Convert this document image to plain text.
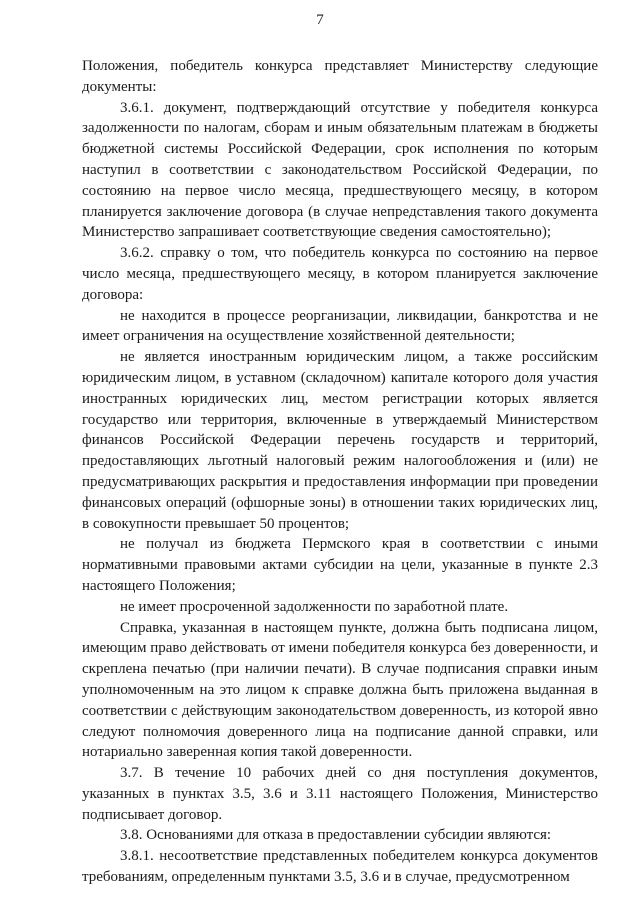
7

Положения, победитель конкурса представляет Министерству следующие документы:

3.6.1. документ, подтверждающий отсутствие у победителя конкурса задолженности по налогам, сборам и иным обязательным платежам в бюджеты бюджетной системы Российской Федерации, срок исполнения по которым наступил в соответствии с законодательством Российской Федерации, по состоянию на первое число месяца, предшествующего месяцу, в котором планируется заключение договора (в случае непредставления такого документа Министерство запрашивает соответствующие сведения самостоятельно);

3.6.2. справку о том, что победитель конкурса по состоянию на первое число месяца, предшествующего месяцу, в котором планируется заключение договора:

не находится в процессе реорганизации, ликвидации, банкротства и не имеет ограничения на осуществление хозяйственной деятельности;

не является иностранным юридическим лицом, а также российским юридическим лицом, в уставном (складочном) капитале которого доля участия иностранных юридических лиц, местом регистрации которых является государство или территория, включенные в утверждаемый Министерством финансов Российской Федерации перечень государств и территорий, предоставляющих льготный налоговый режим налогообложения и (или) не предусматривающих раскрытия и предоставления информации при проведении финансовых операций (офшорные зоны) в отношении таких юридических лиц, в совокупности превышает 50 процентов;

не получал из бюджета Пермского края в соответствии с иными нормативными правовыми актами субсидии на цели, указанные в пункте 2.3 настоящего Положения;

не имеет просроченной задолженности по заработной плате.

Справка, указанная в настоящем пункте, должна быть подписана лицом, имеющим право действовать от имени победителя конкурса без доверенности, и скреплена печатью (при наличии печати). В случае подписания справки иным уполномоченным на это лицом к справке должна быть приложена выданная в соответствии с действующим законодательством доверенность, из которой явно следуют полномочия доверенного лица на подписание данной справки, или нотариально заверенная копия такой доверенности.

3.7. В течение 10 рабочих дней со дня поступления документов, указанных в пунктах 3.5, 3.6 и 3.11 настоящего Положения, Министерство подписывает договор.

3.8. Основаниями для отказа в предоставлении субсидии являются:

3.8.1. несоответствие представленных победителем конкурса документов требованиям, определенным пунктами 3.5, 3.6 и в случае, предусмотренном
